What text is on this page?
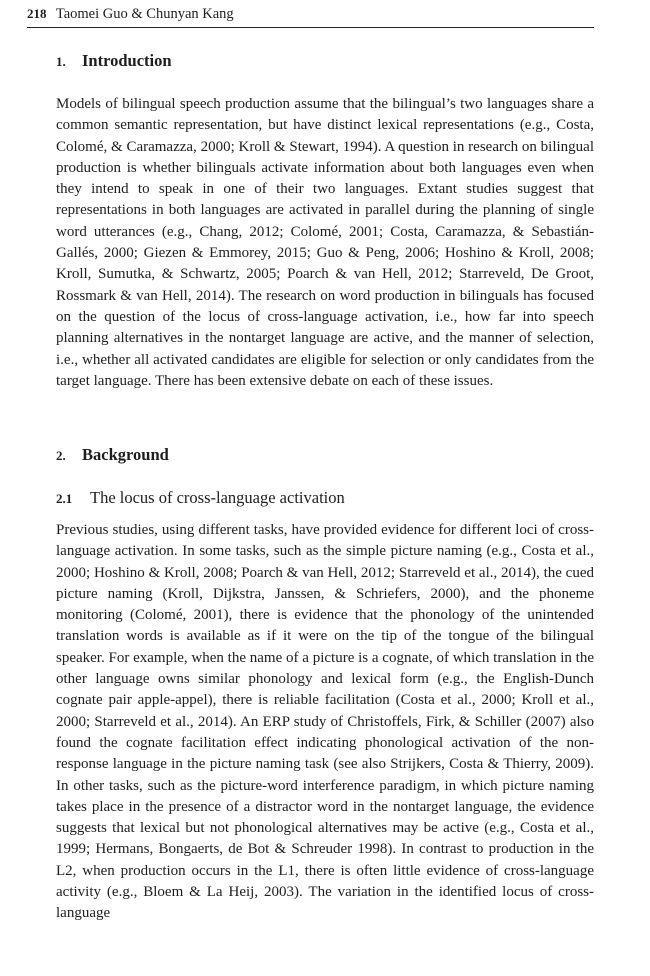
218 Taomei Guo & Chunyan Kang
1. Introduction

Models of bilingual speech production assume that the bilingual’s two languages share a common semantic representation, but have distinct lexical representations (e.g., Costa, Colomé, & Caramazza, 2000; Kroll & Stewart, 1994). A question in research on bilingual production is whether bilinguals activate information about both languages even when they intend to speak in one of their two languages. Extant studies suggest that representations in both languages are activated in parallel during the planning of single word utterances (e.g., Chang, 2012; Colomé, 2001; Costa, Caramazza, & Sebastián-Gallés, 2000; Giezen & Emmorey, 2015; Guo & Peng, 2006; Hoshino & Kroll, 2008; Kroll, Sumutka, & Schwartz, 2005; Poarch & van Hell, 2012; Starreveld, De Groot, Rossmark & van Hell, 2014). The research on word production in bilinguals has focused on the question of the locus of cross-language activation, i.e., how far into speech planning alternatives in the nontarget language are active, and the manner of selection, i.e., whether all activated candidates are eligible for selection or only candidates from the target language. There has been extensive debate on each of these issues.

2. Background
2.1 The locus of cross-language activation

Previous studies, using different tasks, have provided evidence for different loci of cross-language activation. In some tasks, such as the simple picture naming (e.g., Costa et al., 2000; Hoshino & Kroll, 2008; Poarch & van Hell, 2012; Starreveld et al., 2014), the cued picture naming (Kroll, Dijkstra, Janssen, & Schriefers, 2000), and the phoneme monitoring (Colomé, 2001), there is evidence that the phonology of the unintended translation words is available as if it were on the tip of the tongue of the bilingual speaker. For example, when the name of a picture is a cognate, of which translation in the other language owns similar phonology and lexical form (e.g., the English-Dunch cognate pair apple-appel), there is reliable facilitation (Costa et al., 2000; Kroll et al., 2000; Starreveld et al., 2014). An ERP study of Christoffels, Firk, & Schiller (2007) also found the cognate facilitation effect indicating phonological activation of the non-response language in the picture naming task (see also Strijkers, Costa & Thierry, 2009). In other tasks, such as the picture-word interference paradigm, in which picture naming takes place in the presence of a distractor word in the nontarget language, the evidence suggests that lexical but not phonological alternatives may be active (e.g., Costa et al., 1999; Hermans, Bongaerts, de Bot & Schreuder 1998). In contrast to production in the L2, when production occurs in the L1, there is often little evidence of cross-language activity (e.g., Bloem & La Heij, 2003). The variation in the identified locus of cross-language
